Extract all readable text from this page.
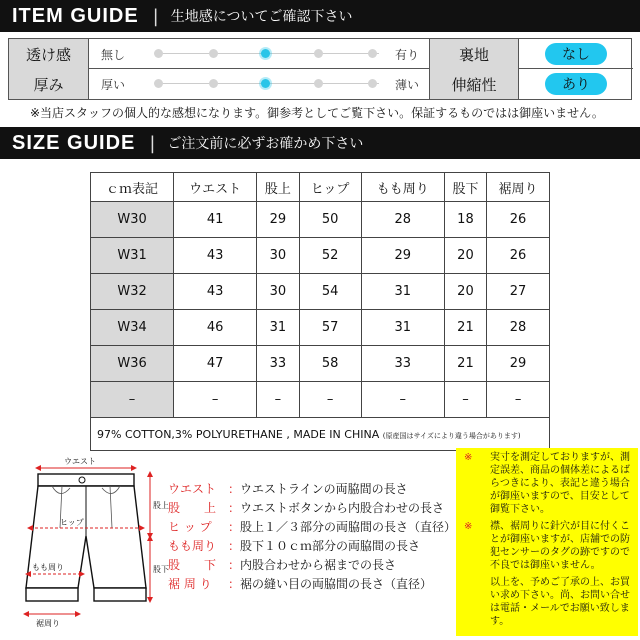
ITEM GUIDE | 生地感についてご確認下さい
透け感	無し	有り	裏地	なし
厚み	厚い	薄い	伸縮性	あり
※当店スタッフの個人的な感想になります。御参考としてご覧下さい。保証するものではは御座いません。
SIZE GUIDE | ご注文前に必ずお確かめ下さい
ｃｍ表記	ウエスト	股上	ヒップ	もも周り	股下	裾周り
W30	41	29	50	28	18	26
W31	43	30	52	29	20	26
W32	43	30	54	31	20	27
W34	46	31	57	31	21	28
W36	47	33	58	33	21	29
–	–	–	–	–	–	–
97% COTTON,3% POLYURETHANE , MADE IN CHINA (原産国はサイズにより違う場合があります)						
ウエスト
ヒップ
股上
股下
もも周り
裾周り
ウエスト ：ウエストラインの両脇間の長さ
股　　上 ：ウエストボタンから内股合わせの長さ
ヒ ッ プ ：股上１／３部分の両脇間の長さ（直径）
もも周り ：股下１０ｃｍ部分の両脇間の長さ
股　　下 ：内股合わせから裾までの長さ
裾 周 り ：裾の縫い目の両脇間の長さ（直径）
※	実寸を測定しておりますが、測定誤差、商品の個体差によるばらつきにより、表記と違う場合が御座いますので、目安として御覧下さい。
※	襟、裾周りに針穴が目に付くことが御座いますが、店舗での防犯センサーのタグの跡ですので不良では御座いません。
以上を、予めご了承の上、お買い求め下さい。尚、お問い合せは電話・メールでお願い致します。
